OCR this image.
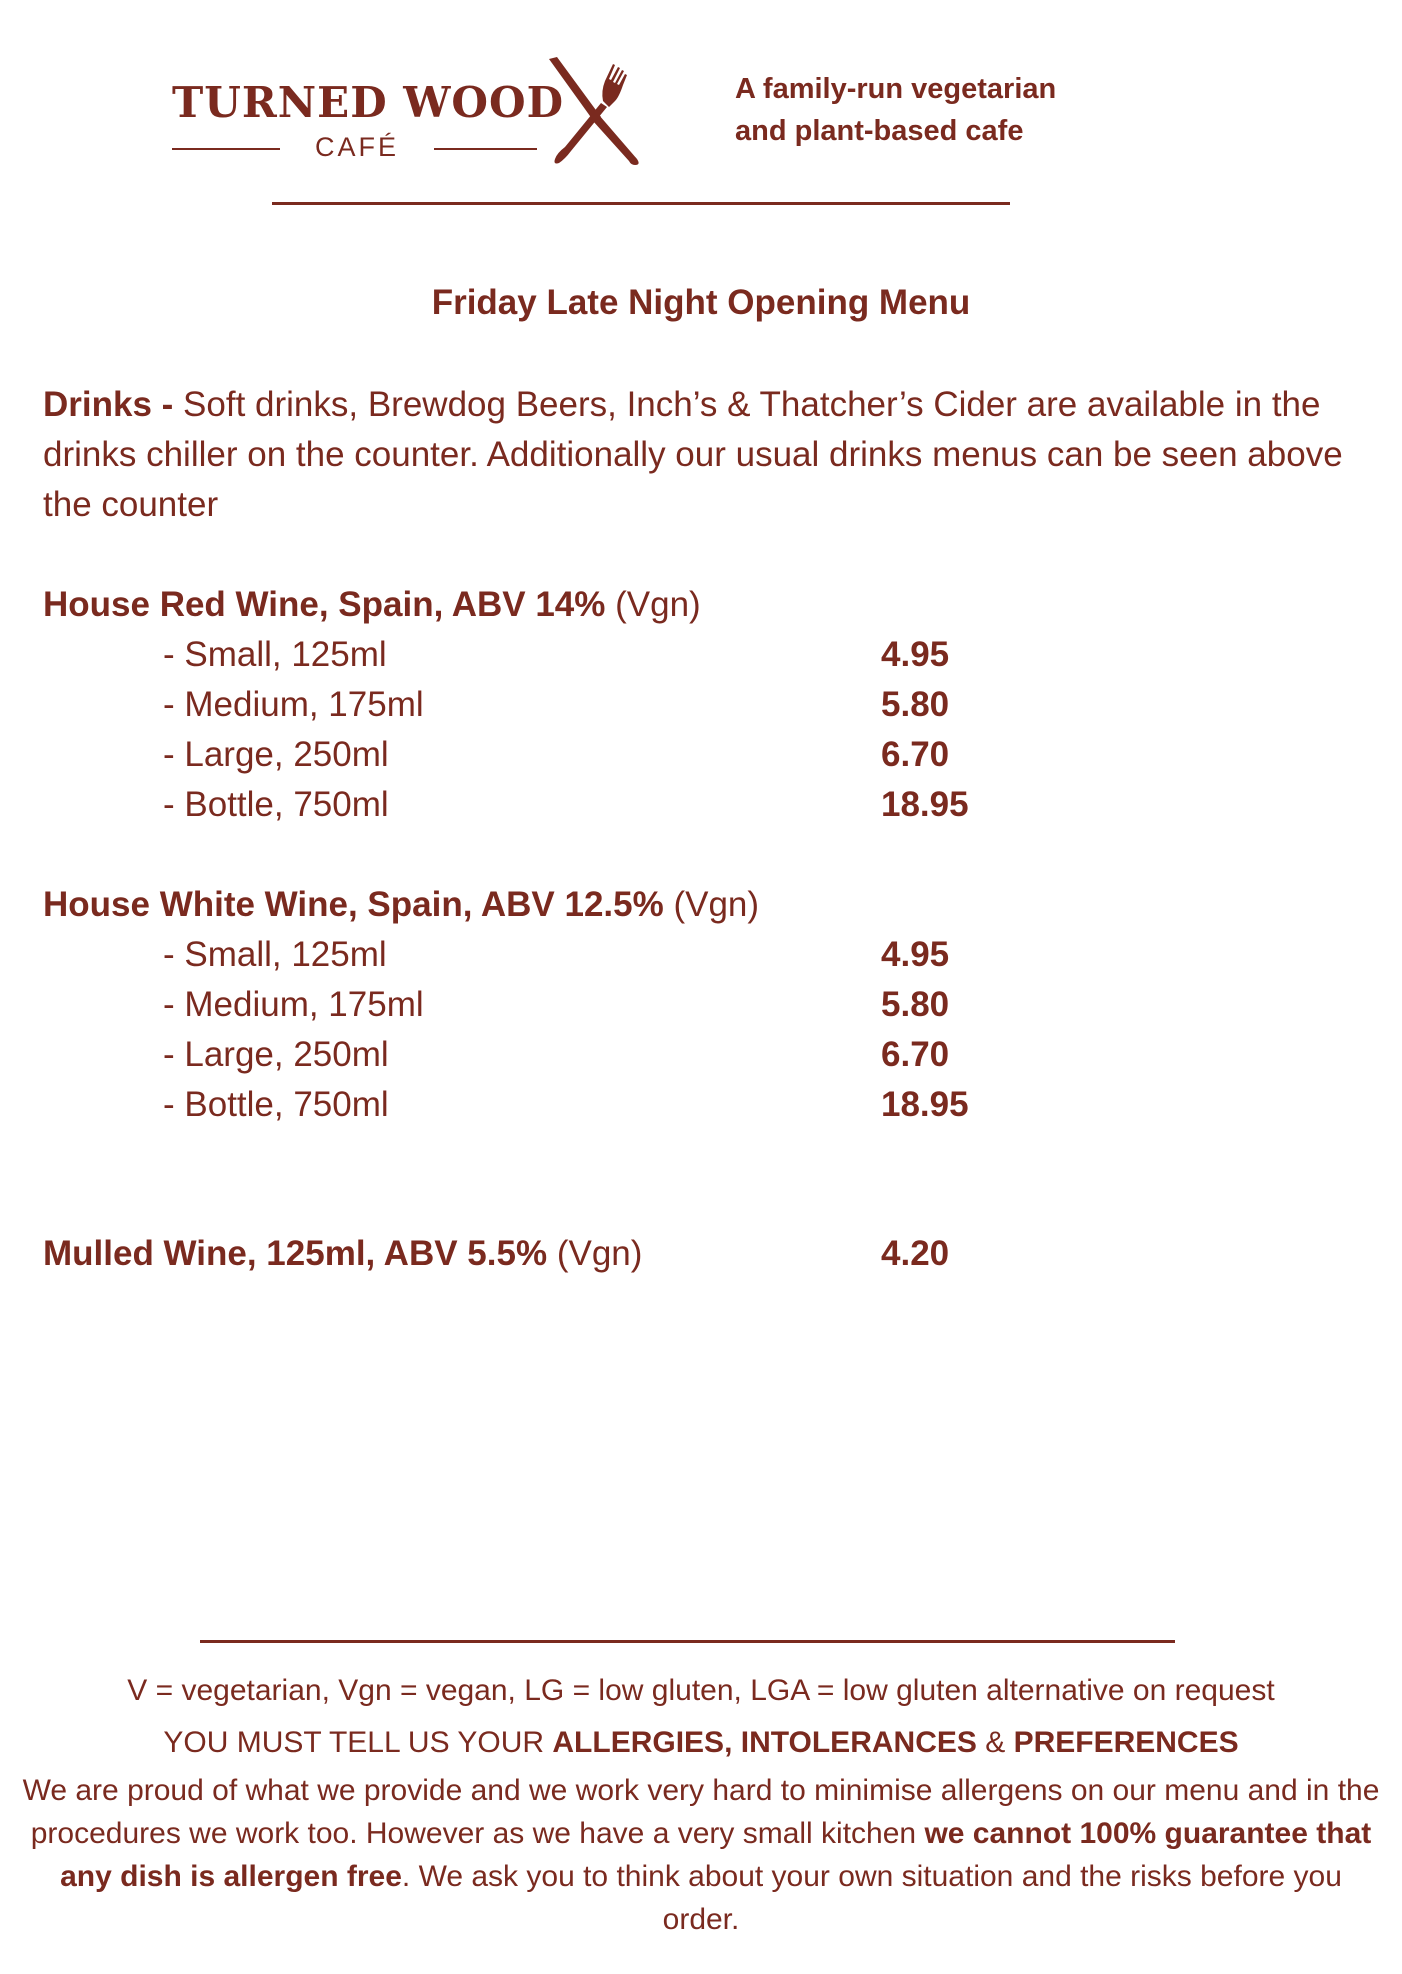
TURNED WOOD
CAFÉ
A family-run vegetarian
and plant-based cafe
Friday Late Night Opening Menu
Drinks - Soft drinks, Brewdog Beers, Inch’s & Thatcher’s Cider are available in the drinks chiller on the counter. Additionally our usual drinks menus can be seen above the counter
House Red Wine, Spain, ABV 14% (Vgn)
- Small, 125ml	4.95
- Medium, 175ml	5.80
- Large, 250ml	6.70
- Bottle, 750ml	18.95
House White Wine, Spain, ABV 12.5% (Vgn)
- Small, 125ml	4.95
- Medium, 175ml	5.80
- Large, 250ml	6.70
- Bottle, 750ml	18.95
Mulled Wine, 125ml, ABV 5.5% (Vgn)	4.20
V = vegetarian, Vgn = vegan, LG = low gluten, LGA = low gluten alternative on request
YOU MUST TELL US YOUR ALLERGIES, INTOLERANCES & PREFERENCES
We are proud of what we provide and we work very hard to minimise allergens on our menu and in the procedures we work too. However as we have a very small kitchen we cannot 100% guarantee that any dish is allergen free. We ask you to think about your own situation and the risks before you order.
